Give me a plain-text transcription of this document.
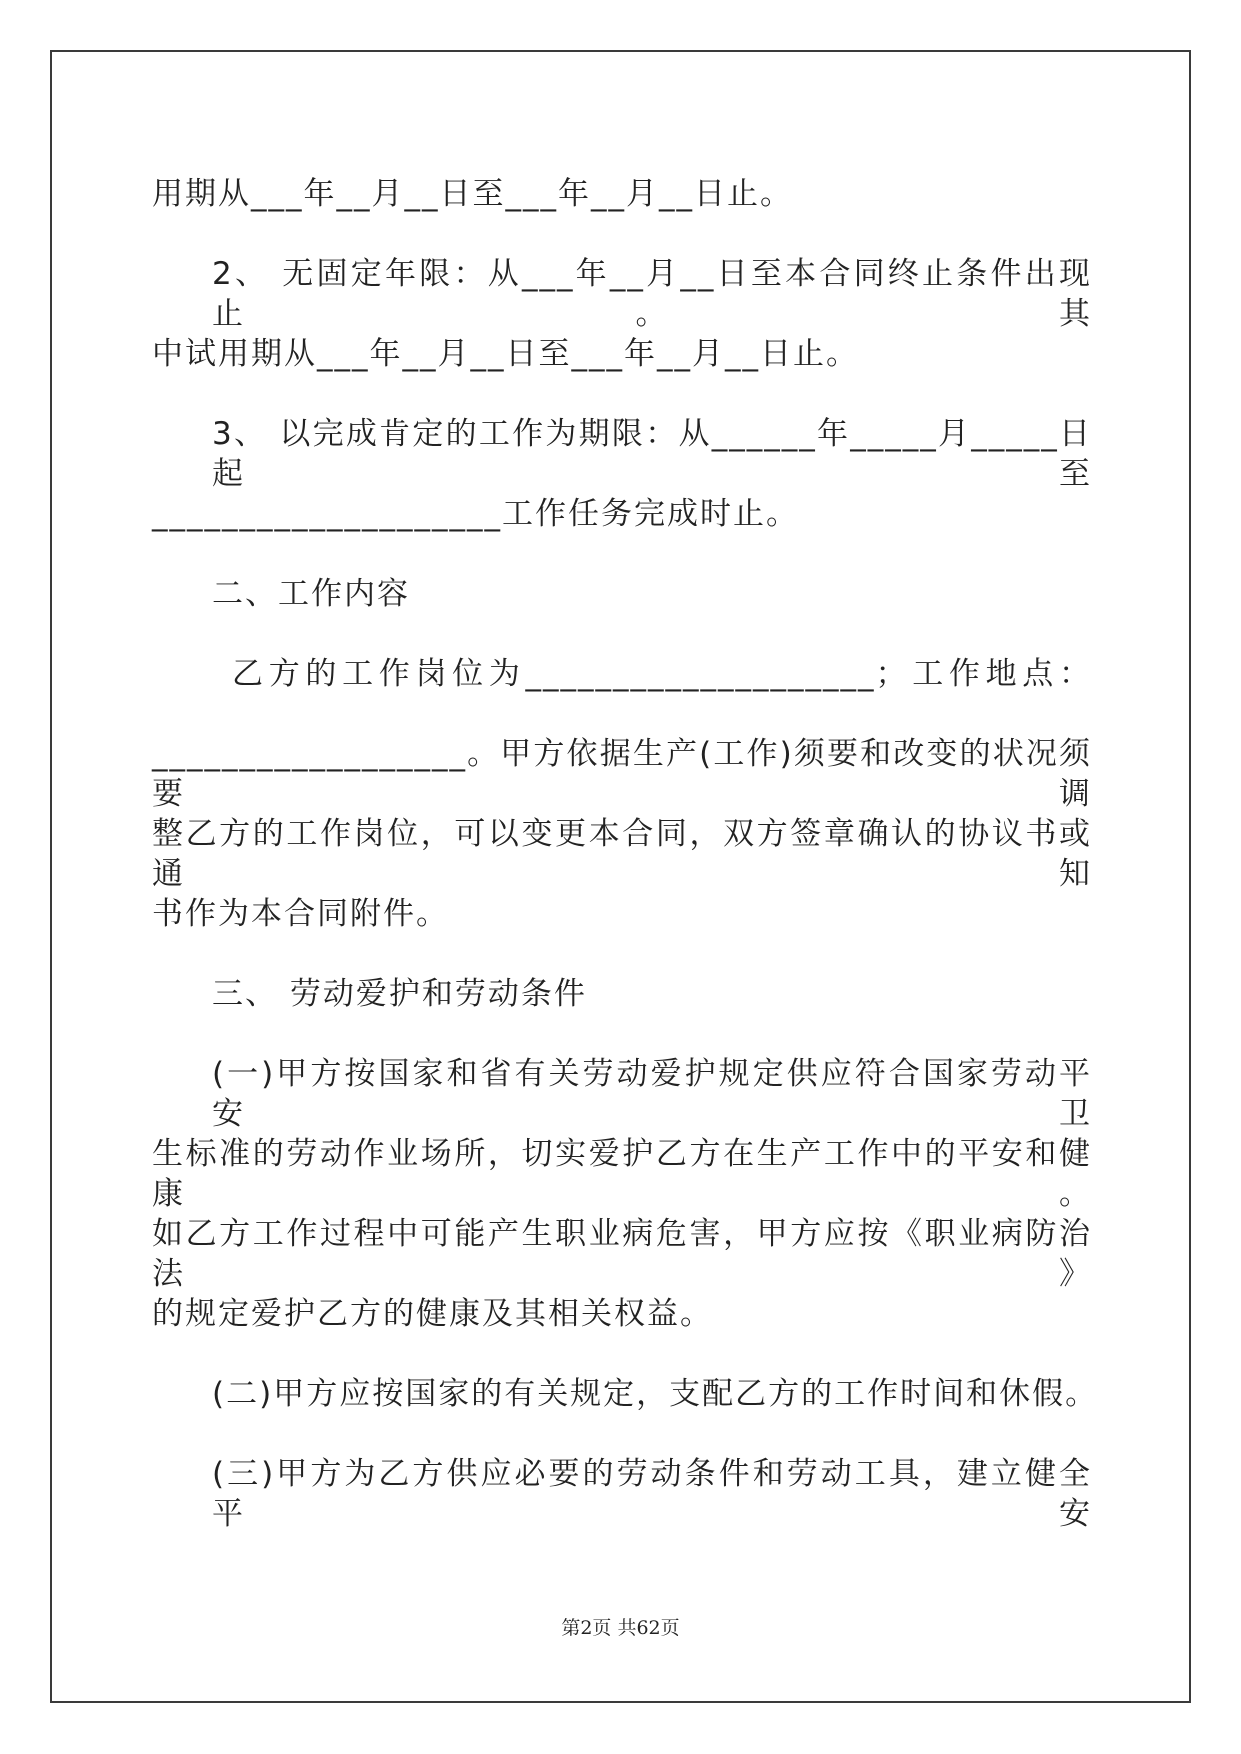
用期从___年__月__日至___年__月__日止。
2、 无固定年限：从___年__月__日至本合同终止条件出现止。其
中试用期从___年__月__日至___年__月__日止。
3、 以完成肯定的工作为期限：从______年_____月_____日起至
____________________工作任务完成时止。
二、工作内容
乙方的工作岗位为____________________；工作地点：
__________________。甲方依据生产(工作)须要和改变的状况须要调
整乙方的工作岗位，可以变更本合同，双方签章确认的协议书或通知
书作为本合同附件。
三、 劳动爱护和劳动条件
(一)甲方按国家和省有关劳动爱护规定供应符合国家劳动平安卫
生标准的劳动作业场所，切实爱护乙方在生产工作中的平安和健康。
如乙方工作过程中可能产生职业病危害，甲方应按《职业病防治法》
的规定爱护乙方的健康及其相关权益。
(二)甲方应按国家的有关规定，支配乙方的工作时间和休假。
(三)甲方为乙方供应必要的劳动条件和劳动工具，建立健全平安
第2页 共62页
